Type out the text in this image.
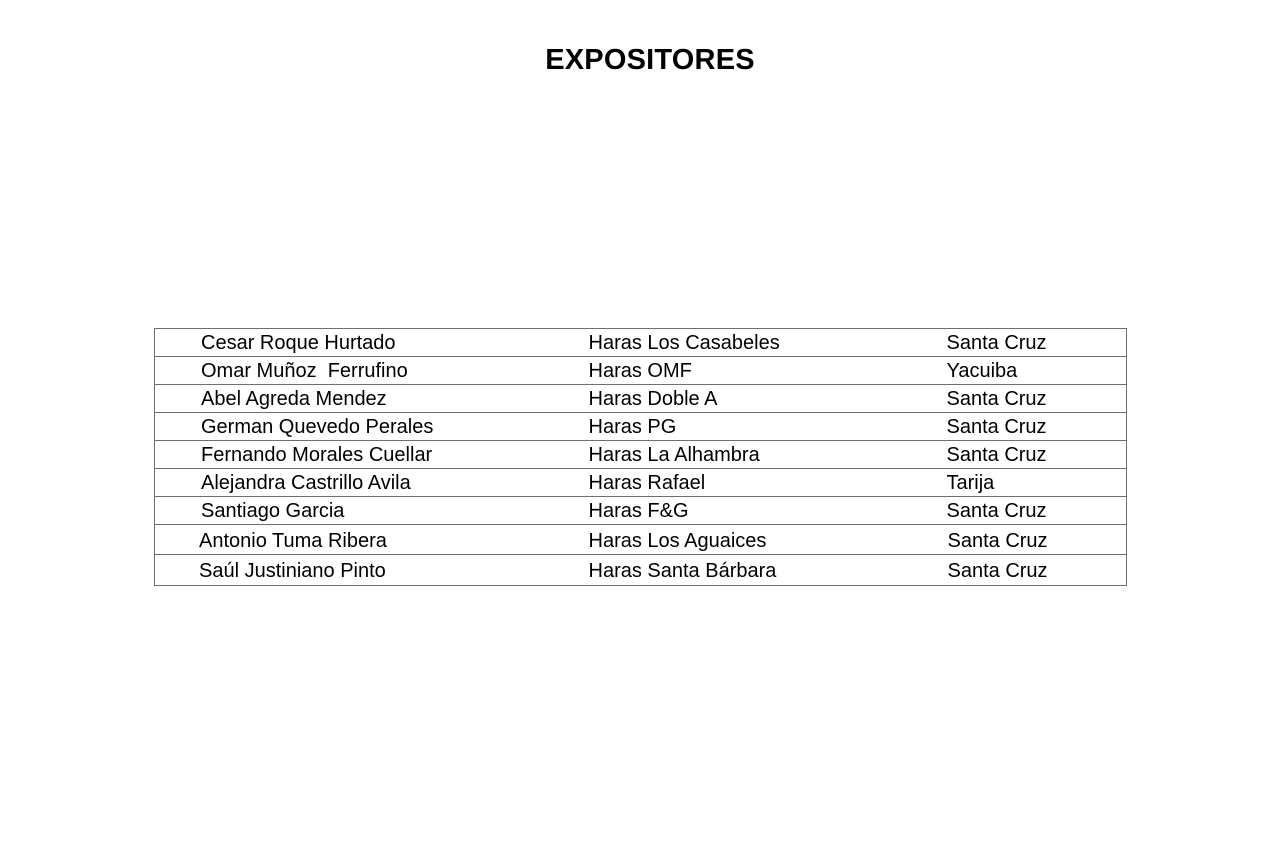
EXPOSITORES
Cesar Roque Hurtado	Haras Los Casabeles	Santa Cruz
Omar Muñoz  Ferrufino	Haras OMF	Yacuiba
Abel Agreda Mendez	Haras Doble A	Santa Cruz
German Quevedo Perales	Haras PG	Santa Cruz
Fernando Morales Cuellar	Haras La Alhambra	Santa Cruz
Alejandra Castrillo Avila	Haras Rafael	Tarija
Santiago Garcia	Haras F&G	Santa Cruz
Antonio Tuma Ribera	Haras Los Aguaices	Santa Cruz
Saúl Justiniano Pinto	Haras Santa Bárbara	Santa Cruz
